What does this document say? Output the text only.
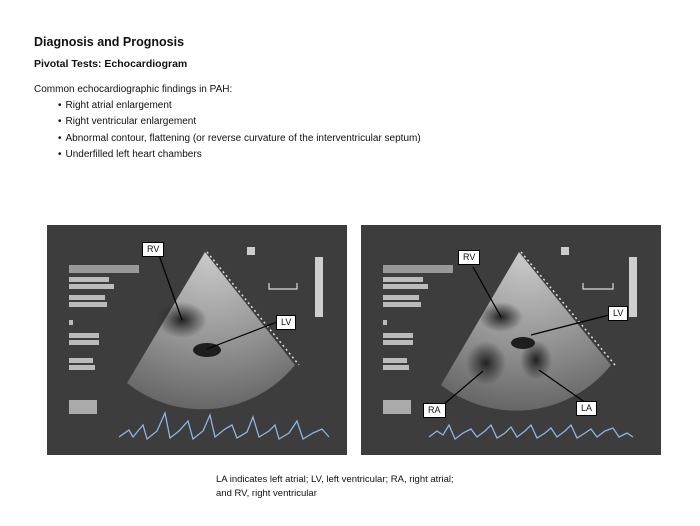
Diagnosis and Prognosis
Pivotal Tests: Echocardiogram
Common echocardiographic findings in PAH:
• Right atrial enlargement
• Right ventricular enlargement
• Abnormal contour, flattening (or reverse curvature of the interventricular septum)
• Underfilled left heart chambers
RV
LV
RV
LV
RA	LA
LA indicates left atrial; LV, left ventricular; RA, right atrial;
and RV, right ventricular
